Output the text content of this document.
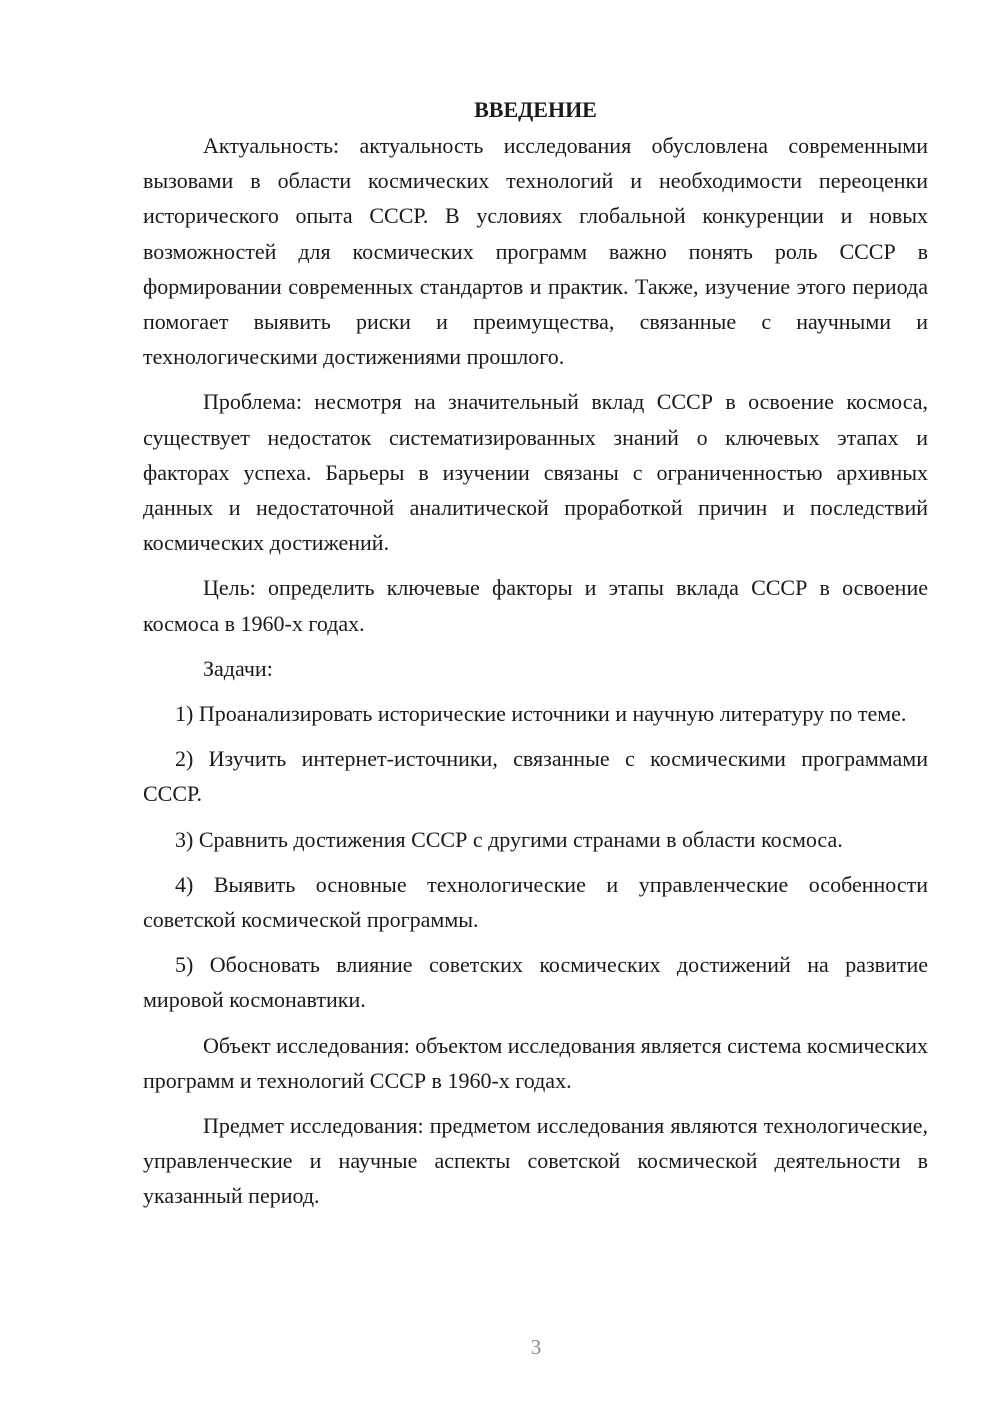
ВВЕДЕНИЕ

Актуальность: актуальность исследования обусловлена современными вызовами в области космических технологий и необходимости переоценки исторического опыта СССР. В условиях глобальной конкуренции и новых возможностей для космических программ важно понять роль СССР в формировании современных стандартов и практик. Также, изучение этого периода помогает выявить риски и преимущества, связанные с научными и технологическими достижениями прошлого.

Проблема: несмотря на значительный вклад СССР в освоение космоса, существует недостаток систематизированных знаний о ключевых этапах и факторах успеха. Барьеры в изучении связаны с ограниченностью архивных данных и недостаточной аналитической проработкой причин и последствий космических достижений.

Цель: определить ключевые факторы и этапы вклада СССР в освоение космоса в 1960-х годах.

Задачи:

1) Проанализировать исторические источники и научную литературу по теме.

2) Изучить интернет-источники, связанные с космическими программами СССР.

3) Сравнить достижения СССР с другими странами в области космоса.

4) Выявить основные технологические и управленческие особенности советской космической программы.

5) Обосновать влияние советских космических достижений на развитие мировой космонавтики.

Объект исследования: объектом исследования является система космических программ и технологий СССР в 1960-х годах.

Предмет исследования: предметом исследования являются технологические, управленческие и научные аспекты советской космической деятельности в указанный период.

3
